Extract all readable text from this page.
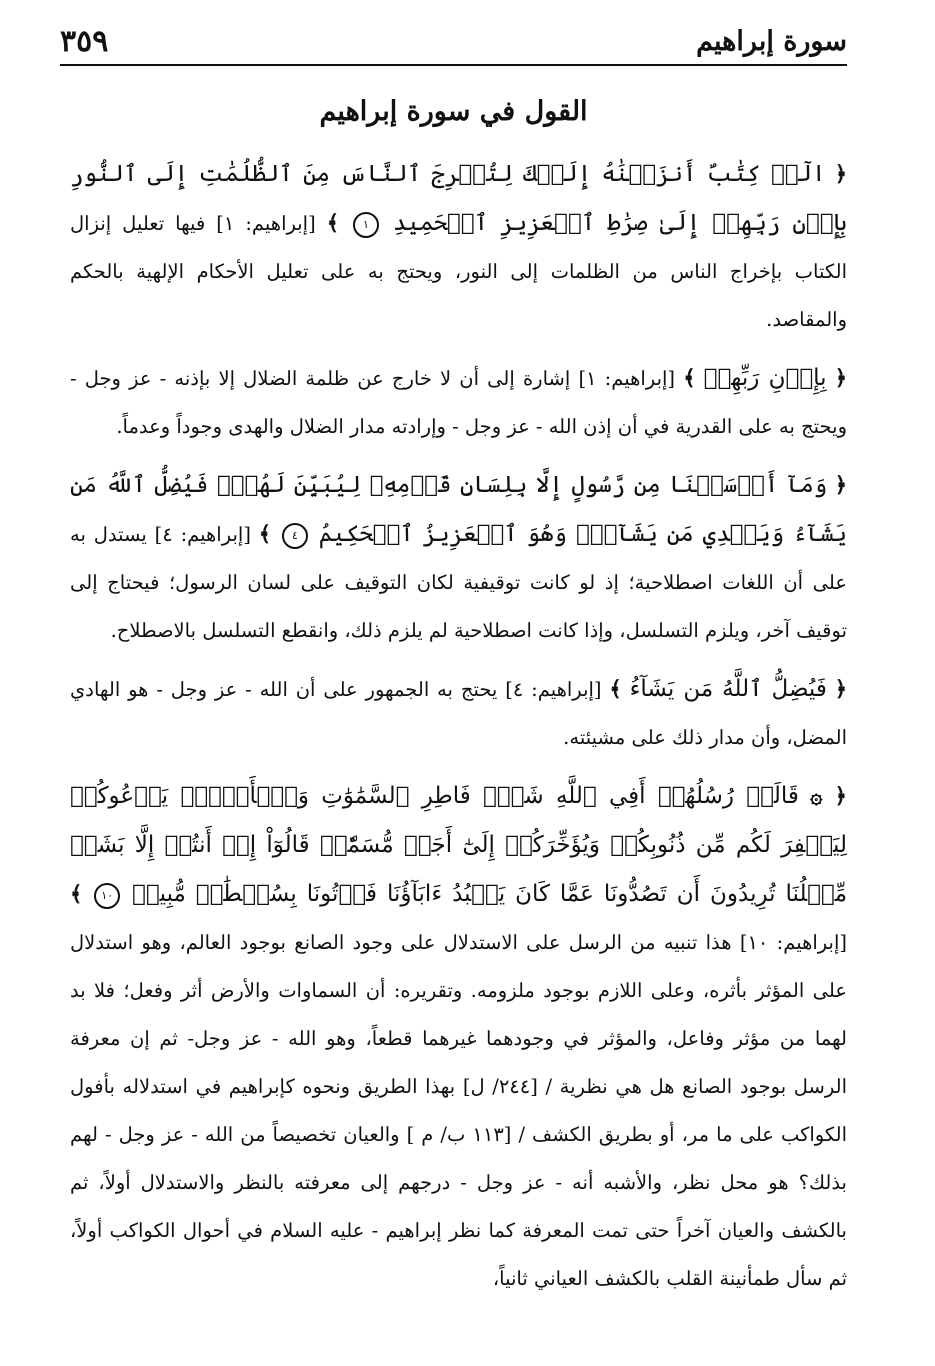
سورة إبراهيم
٣٥٩
القول في سورة إبراهيم

﴿ الٓرۚ كِتَٰبٌ أَنزَلۡنَٰهُ إِلَيۡكَ لِتُخۡرِجَ ٱلنَّاسَ مِنَ ٱلظُّلُمَٰتِ إِلَى ٱلنُّورِ بِإِذۡنِ رَبِّهِمۡ إِلَىٰ صِرَٰطِ ٱلۡعَزِيزِ ٱلۡحَمِيدِ ١ ﴾ [إبراهيم: ١] فيها تعليل إنزال الكتاب بإخراج الناس من الظلمات إلى النور، ويحتج به على تعليل الأحكام الإلهية بالحكم والمقاصد.

﴿ بِإِذۡنِ رَبِّهِمۡ ﴾ [إبراهيم: ١] إشارة إلى أن لا خارج عن ظلمة الضلال إلا بإذنه - عز وجل - ويحتج به على القدرية في أن إذن الله - عز وجل - وإرادته مدار الضلال والهدى وجوداً وعدماً.

﴿ وَمَآ أَرۡسَلۡنَا مِن رَّسُولٍ إِلَّا بِلِسَانِ قَوۡمِهِۦ لِيُبَيِّنَ لَهُمۡۖ فَيُضِلُّ ٱللَّهُ مَن يَشَآءُ وَيَهۡدِي مَن يَشَآءُۚ وَهُوَ ٱلۡعَزِيزُ ٱلۡحَكِيمُ ٤ ﴾ [إبراهيم: ٤] يستدل به على أن اللغات اصطلاحية؛ إذ لو كانت توقيفية لكان التوقيف على لسان الرسول؛ فيحتاج إلى توقيف آخر، ويلزم التسلسل، وإذا كانت اصطلاحية لم يلزم ذلك، وانقطع التسلسل بالاصطلاح.

﴿ فَيُضِلُّ ٱللَّهُ مَن يَشَآءُ ﴾ [إبراهيم: ٤] يحتج به الجمهور على أن الله - عز وجل - هو الهادي المضل، وأن مدار ذلك على مشيئته.

﴿ ۞ قَالَتۡ رُسُلُهُمۡ أَفِي ٱللَّهِ شَكّٞ فَاطِرِ ٱلسَّمَٰوَٰتِ وَٱلۡأَرۡضِۖ يَدۡعُوكُمۡ لِيَغۡفِرَ لَكُم مِّن ذُنُوبِكُمۡ وَيُؤَخِّرَكُمۡ إِلَىٰٓ أَجَلٖ مُّسَمّٗىۚ قَالُوٓاْ إِنۡ أَنتُمۡ إِلَّا بَشَرٞ مِّثۡلُنَا تُرِيدُونَ أَن تَصُدُّونَا عَمَّا كَانَ يَعۡبُدُ ءَابَآؤُنَا فَأۡتُونَا بِسُلۡطَٰنٖ مُّبِينٖ ١٠ ﴾ [إبراهيم: ١٠] هذا تنبيه من الرسل على الاستدلال على وجود الصانع بوجود العالم، وهو استدلال على المؤثر بأثره، وعلى اللازم بوجود ملزومه. وتقريره: أن السماوات والأرض أثر وفعل؛ فلا بد لهما من مؤثر وفاعل، والمؤثر في وجودهما غيرهما قطعاً، وهو الله - عز وجل- ثم إن معرفة الرسل بوجود الصانع هل هي نظرية / [٢٤٤/ ل] بهذا الطريق ونحوه كإبراهيم في استدلاله بأفول الكواكب على ما مر، أو بطريق الكشف / [١١٣ ب/ م ] والعيان تخصيصاً من الله - عز وجل - لهم بذلك؟ هو محل نظر، والأشبه أنه - عز وجل - درجهم إلى معرفته بالنظر والاستدلال أولاً، ثم بالكشف والعيان آخراً حتى تمت المعرفة كما نظر إبراهيم - عليه السلام في أحوال الكواكب أولاً، ثم سأل طمأنينة القلب بالكشف العياني ثانياً،
